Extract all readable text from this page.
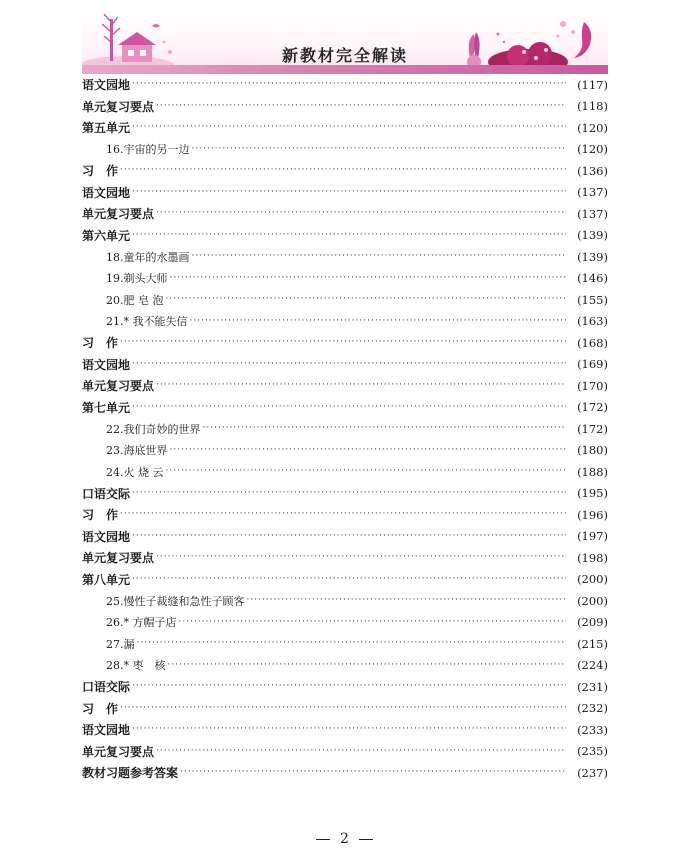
新教材完全解读
语文园地 ·····	(117)
单元复习要点 ·····	(118)
第五单元 ·····	(120)
16.宇宙的另一边 ·····	(120)
习　作 ·····	(136)
语文园地 ·····	(137)
单元复习要点 ·····	(137)
第六单元 ·····	(139)
18.童年的水墨画 ·····	(139)
19.剃头大师 ·····	(146)
20.肥 皂 泡 ·····	(155)
21.* 我不能失信 ·····	(163)
习　作 ·····	(168)
语文园地 ·····	(169)
单元复习要点 ·····	(170)
第七单元 ·····	(172)
22.我们奇妙的世界 ·····	(172)
23.海底世界 ·····	(180)
24.火 烧 云 ·····	(188)
口语交际 ·····	(195)
习　作 ·····	(196)
语文园地 ·····	(197)
单元复习要点 ·····	(198)
第八单元 ·····	(200)
25.慢性子裁缝和急性子顾客 ·····	(200)
26.* 方帽子店 ·····	(209)
27.漏 ·····	(215)
28.* 枣　核 ·····	(224)
口语交际 ·····	(231)
习　作 ·····	(232)
语文园地 ·····	(233)
单元复习要点 ·····	(235)
教材习题参考答案 ·····	(237)
2
